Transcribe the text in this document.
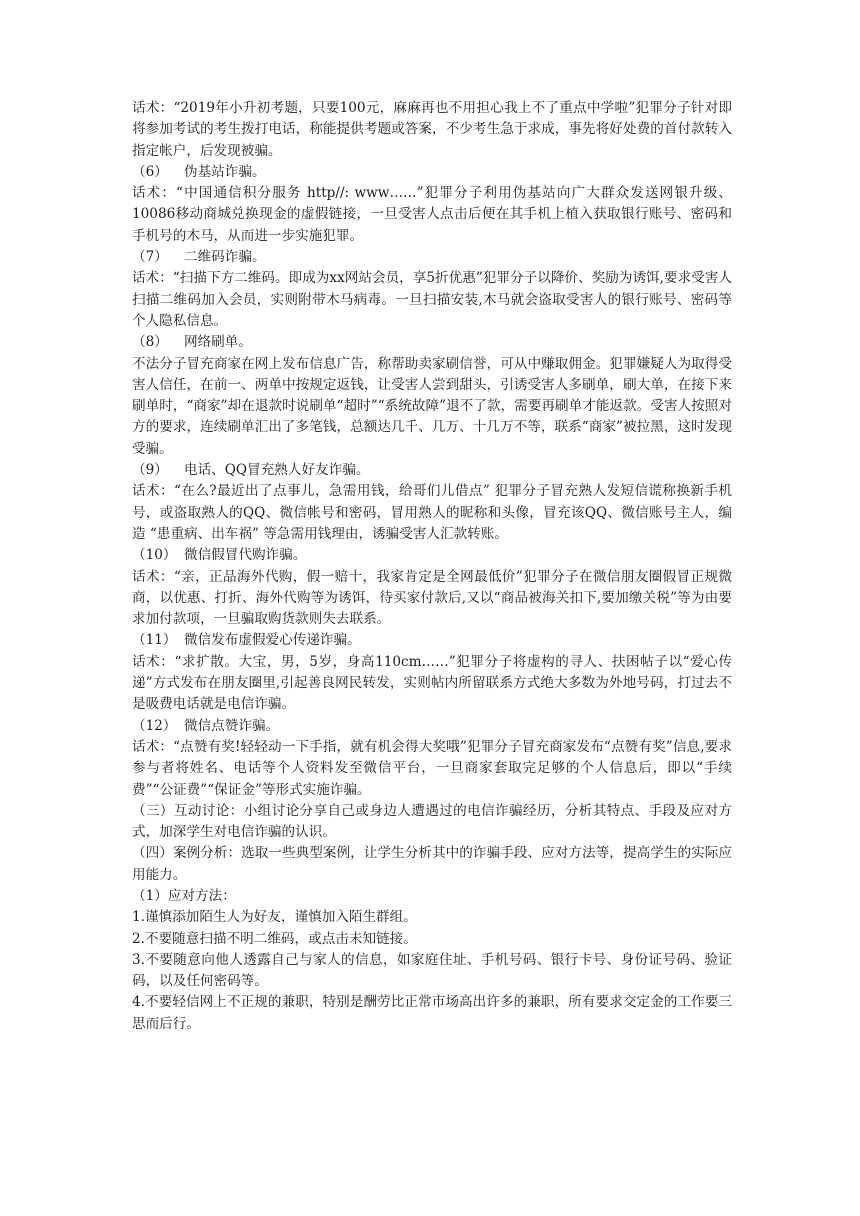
话术：“2019年小升初考题，只要100元，麻麻再也不用担心我上不了重点中学啦”犯罪分子针对即将参加考试的考生拨打电话，称能提供考题或答案，不少考生急于求成，事先将好处费的首付款转入指定帐户，后发现被骗。

（6） 伪基站诈骗。

话术：“中国通信积分服务 http//: www……”犯罪分子利用伪基站向广大群众发送网银升级、10086移动商城兑换现金的虚假链接，一旦受害人点击后便在其手机上植入获取银行账号、密码和手机号的木马，从而进一步实施犯罪。

（7） 二维码诈骗。

话术：“扫描下方二维码。即成为xx网站会员，享5折优惠”犯罪分子以降价、奖励为诱饵,要求受害人扫描二维码加入会员，实则附带木马病毒。一旦扫描安装,木马就会盗取受害人的银行账号、密码等个人隐私信息。

（8） 网络刷单。

不法分子冒充商家在网上发布信息广告，称帮助卖家刷信誉，可从中赚取佣金。犯罪嫌疑人为取得受害人信任，在前一、两单中按规定返钱，让受害人尝到甜头，引诱受害人多刷单，刷大单，在接下来刷单时，“商家”却在退款时说刷单“超时”“系统故障”退不了款，需要再刷单才能返款。受害人按照对方的要求，连续刷单汇出了多笔钱，总额达几千、几万、十几万不等，联系“商家”被拉黑，这时发现受骗。

（9） 电话、QQ冒充熟人好友诈骗。

话术：“在么?最近出了点事儿，急需用钱，给哥们儿借点” 犯罪分子冒充熟人发短信谎称换新手机号，或盗取熟人的QQ、微信帐号和密码，冒用熟人的昵称和头像，冒充该QQ、微信账号主人，编造 “患重病、出车祸” 等急需用钱理由，诱骗受害人汇款转账。

（10） 微信假冒代购诈骗。

话术：“亲，正品海外代购，假一赔十，我家肯定是全网最低价”犯罪分子在微信朋友圈假冒正规微商，以优惠、打折、海外代购等为诱饵，待买家付款后,又以“商品被海关扣下,要加缴关税”等为由要求加付款项，一旦骗取购货款则失去联系。

（11） 微信发布虚假爱心传递诈骗。

话术：“求扩散。大宝，男，5岁，身高110cm……”犯罪分子将虚构的寻人、扶困帖子以“爱心传递”方式发布在朋友圈里,引起善良网民转发，实则帖内所留联系方式绝大多数为外地号码，打过去不是吸费电话就是电信诈骗。

（12） 微信点赞诈骗。

话术：“点赞有奖!轻轻动一下手指，就有机会得大奖哦”犯罪分子冒充商家发布“点赞有奖”信息,要求参与者将姓名、电话等个人资料发至微信平台，一旦商家套取完足够的个人信息后，即以“手续费”“公证费”“保证金”等形式实施诈骗。

（三）互动讨论：小组讨论分享自己或身边人遭遇过的电信诈骗经历，分析其特点、手段及应对方式，加深学生对电信诈骗的认识。

（四）案例分析：选取一些典型案例，让学生分析其中的诈骗手段、应对方法等，提高学生的实际应用能力。

（1）应对方法：

1.谨慎添加陌生人为好友，谨慎加入陌生群组。

2.不要随意扫描不明二维码，或点击未知链接。

3.不要随意向他人透露自己与家人的信息，如家庭住址、手机号码、银行卡号、身份证号码、验证码，以及任何密码等。

4.不要轻信网上不正规的兼职，特别是酬劳比正常市场高出许多的兼职，所有要求交定金的工作要三思而后行。
